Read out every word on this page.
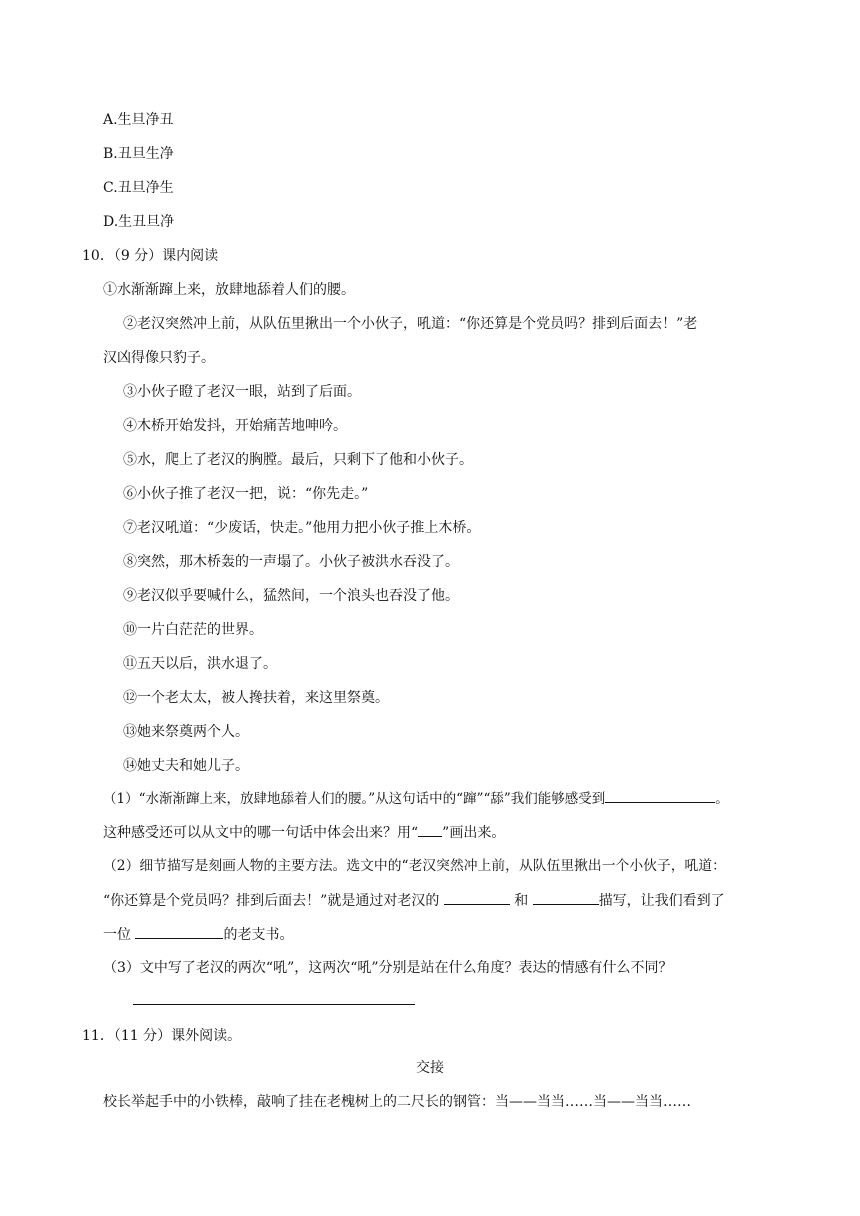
A.生旦净丑
B.丑旦生净
C.丑旦净生
D.生丑旦净
10．（9 分）课内阅读
①水渐渐蹿上来，放肆地舔着人们的腰。
②老汉突然冲上前，从队伍里揪出一个小伙子，吼道：“你还算是个党员吗？排到后面去！”老
汉凶得像只豹子。
③小伙子瞪了老汉一眼，站到了后面。
④木桥开始发抖，开始痛苦地呻吟。
⑤水，爬上了老汉的胸膛。最后，只剩下了他和小伙子。
⑥小伙子推了老汉一把，说：“你先走。”
⑦老汉吼道：“少废话，快走。”他用力把小伙子推上木桥。
⑧突然，那木桥轰的一声塌了。小伙子被洪水吞没了。
⑨老汉似乎要喊什么，猛然间，一个浪头也吞没了他。
⑩一片白茫茫的世界。
⑪五天以后，洪水退了。
⑫一个老太太，被人搀扶着，来这里祭奠。
⑬她来祭奠两个人。
⑭她丈夫和她儿子。
（1）“水渐渐蹿上来，放肆地舔着人们的腰。”从这句话中的“蹿”“舔”我们能够感受到	。
这种感受还可以从文中的哪一句话中体会出来？用“ ”画出来。
（2）细节描写是刻画人物的主要方法。选文中的“老汉突然冲上前，从队伍里揪出一个小伙子，吼道：
“你还算是个党员吗？排到后面去！”就是通过对老汉的	和	描写，让我们看到了
一位	的老支书。
（3）文中写了老汉的两次“吼”，这两次“吼”分别是站在什么角度？表达的情感有什么不同？
11．（11 分）课外阅读。
交接
校长举起手中的小铁棒，敲响了挂在老槐树上的二尺长的钢管：当——当当……当——当当……
